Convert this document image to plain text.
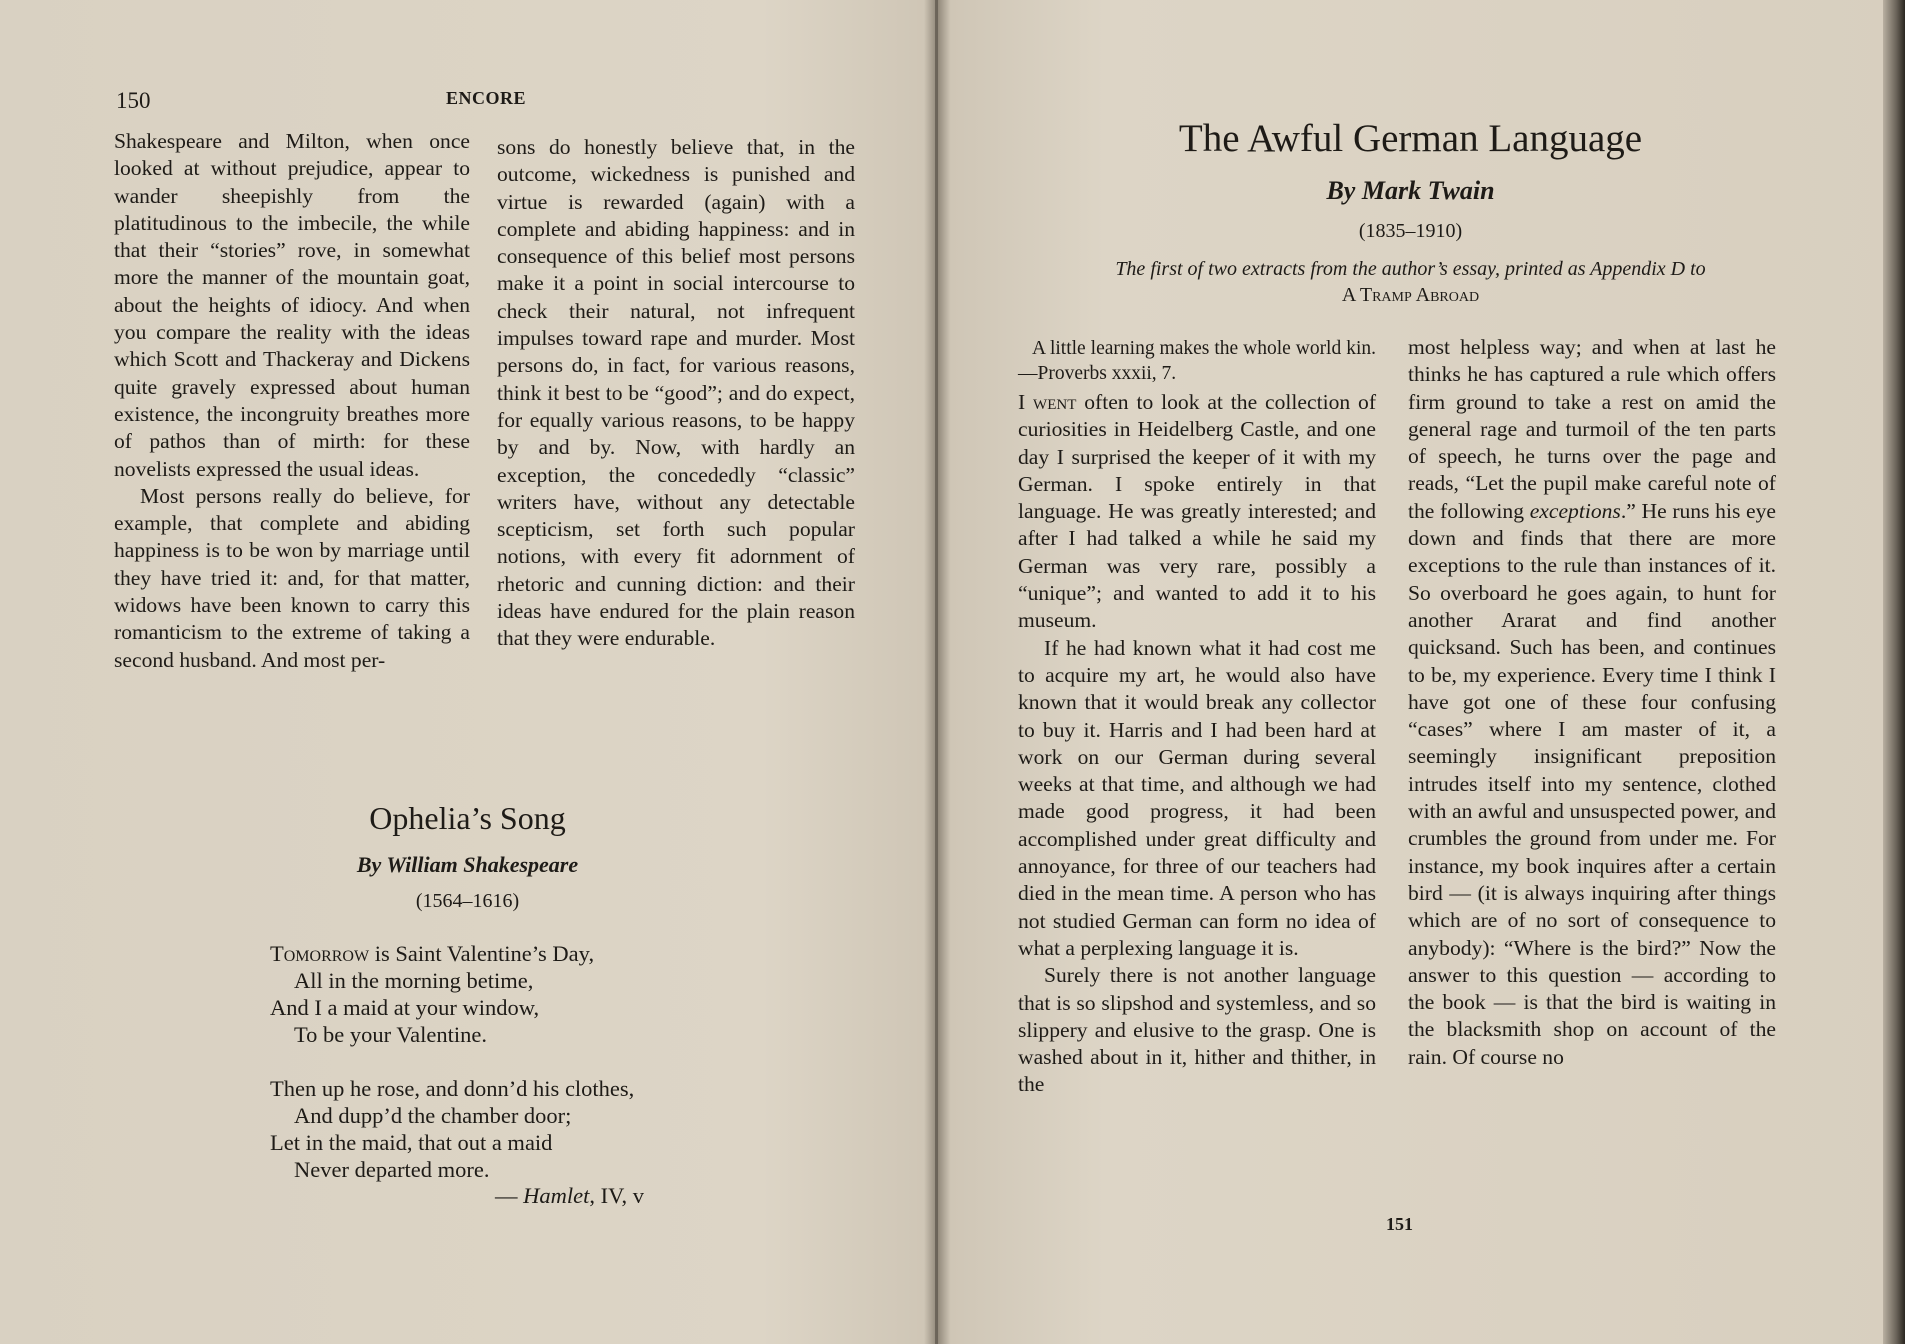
150	ENCORE

Shakespeare and Milton, when once looked at without prejudice, appear to wander sheepishly from the platitudinous to the imbecile, the while that their “stories” rove, in somewhat more the manner of the mountain goat, about the heights of idiocy. And when you compare the reality with the ideas which Scott and Thackeray and Dickens quite gravely expressed about human existence, the incongruity breathes more of pathos than of mirth: for these novelists expressed the usual ideas.

Most persons really do believe, for example, that complete and abiding happiness is to be won by marriage until they have tried it: and, for that matter, widows have been known to carry this romanticism to the extreme of taking a second husband. And most per-

sons do honestly believe that, in the outcome, wickedness is punished and virtue is rewarded (again) with a complete and abiding happiness: and in consequence of this belief most persons make it a point in social intercourse to check their natural, not infrequent impulses toward rape and murder. Most persons do, in fact, for various reasons, think it best to be “good”; and do expect, for equally various reasons, to be happy by and by. Now, with hardly an exception, the concededly “classic” writers have, without any detectable scepticism, set forth such popular notions, with every fit adornment of rhetoric and cunning diction: and their ideas have endured for the plain reason that they were endurable.

Ophelia’s Song
By William Shakespeare
(1564–1616)
Tomorrow is Saint Valentine’s Day,
All in the morning betime,
And I a maid at your window,
To be your Valentine.
Then up he rose, and donn’d his clothes,
And dupp’d the chamber door;
Let in the maid, that out a maid
Never departed more.
— Hamlet, IV, v
The Awful German Language
By Mark Twain
(1835–1910)
The first of two extracts from the author’s essay, printed as Appendix D to
A Tramp Abroad

A little learning makes the whole world kin.—Proverbs xxxii, 7.

I went often to look at the collection of curiosities in Heidelberg Castle, and one day I surprised the keeper of it with my German. I spoke entirely in that language. He was greatly interested; and after I had talked a while he said my German was very rare, possibly a “unique”; and wanted to add it to his museum.

If he had known what it had cost me to acquire my art, he would also have known that it would break any collector to buy it. Harris and I had been hard at work on our German during several weeks at that time, and although we had made good progress, it had been accomplished under great difficulty and annoyance, for three of our teachers had died in the mean time. A person who has not studied German can form no idea of what a perplexing language it is.

Surely there is not another language that is so slipshod and systemless, and so slippery and elusive to the grasp. One is washed about in it, hither and thither, in the

most helpless way; and when at last he thinks he has captured a rule which offers firm ground to take a rest on amid the general rage and turmoil of the ten parts of speech, he turns over the page and reads, “Let the pupil make careful note of the following exceptions.” He runs his eye down and finds that there are more exceptions to the rule than instances of it. So overboard he goes again, to hunt for another Ararat and find another quicksand. Such has been, and continues to be, my experience. Every time I think I have got one of these four confusing “cases” where I am master of it, a seemingly insignificant preposition intrudes itself into my sentence, clothed with an awful and unsuspected power, and crumbles the ground from under me. For instance, my book inquires after a certain bird — (it is always inquiring after things which are of no sort of consequence to anybody): “Where is the bird?” Now the answer to this question — according to the book — is that the bird is waiting in the blacksmith shop on account of the rain. Of course no

151
